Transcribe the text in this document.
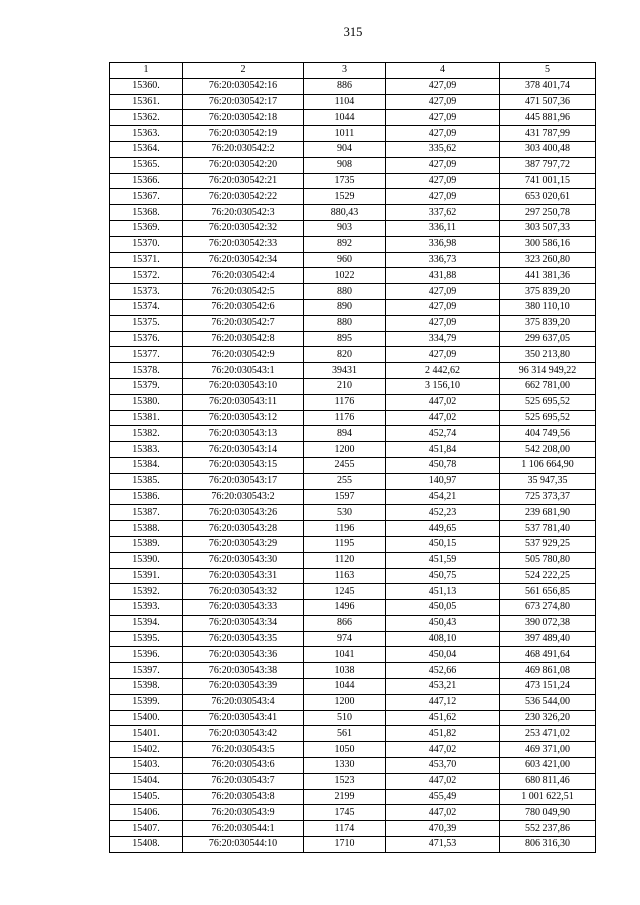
315
1	2	3	4	5
15360.	76:20:030542:16	886	427,09	378 401,74
15361.	76:20:030542:17	1104	427,09	471 507,36
15362.	76:20:030542:18	1044	427,09	445 881,96
15363.	76:20:030542:19	1011	427,09	431 787,99
15364.	76:20:030542:2	904	335,62	303 400,48
15365.	76:20:030542:20	908	427,09	387 797,72
15366.	76:20:030542:21	1735	427,09	741 001,15
15367.	76:20:030542:22	1529	427,09	653 020,61
15368.	76:20:030542:3	880,43	337,62	297 250,78
15369.	76:20:030542:32	903	336,11	303 507,33
15370.	76:20:030542:33	892	336,98	300 586,16
15371.	76:20:030542:34	960	336,73	323 260,80
15372.	76:20:030542:4	1022	431,88	441 381,36
15373.	76:20:030542:5	880	427,09	375 839,20
15374.	76:20:030542:6	890	427,09	380 110,10
15375.	76:20:030542:7	880	427,09	375 839,20
15376.	76:20:030542:8	895	334,79	299 637,05
15377.	76:20:030542:9	820	427,09	350 213,80
15378.	76:20:030543:1	39431	2 442,62	96 314 949,22
15379.	76:20:030543:10	210	3 156,10	662 781,00
15380.	76:20:030543:11	1176	447,02	525 695,52
15381.	76:20:030543:12	1176	447,02	525 695,52
15382.	76:20:030543:13	894	452,74	404 749,56
15383.	76:20:030543:14	1200	451,84	542 208,00
15384.	76:20:030543:15	2455	450,78	1 106 664,90
15385.	76:20:030543:17	255	140,97	35 947,35
15386.	76:20:030543:2	1597	454,21	725 373,37
15387.	76:20:030543:26	530	452,23	239 681,90
15388.	76:20:030543:28	1196	449,65	537 781,40
15389.	76:20:030543:29	1195	450,15	537 929,25
15390.	76:20:030543:30	1120	451,59	505 780,80
15391.	76:20:030543:31	1163	450,75	524 222,25
15392.	76:20:030543:32	1245	451,13	561 656,85
15393.	76:20:030543:33	1496	450,05	673 274,80
15394.	76:20:030543:34	866	450,43	390 072,38
15395.	76:20:030543:35	974	408,10	397 489,40
15396.	76:20:030543:36	1041	450,04	468 491,64
15397.	76:20:030543:38	1038	452,66	469 861,08
15398.	76:20:030543:39	1044	453,21	473 151,24
15399.	76:20:030543:4	1200	447,12	536 544,00
15400.	76:20:030543:41	510	451,62	230 326,20
15401.	76:20:030543:42	561	451,82	253 471,02
15402.	76:20:030543:5	1050	447,02	469 371,00
15403.	76:20:030543:6	1330	453,70	603 421,00
15404.	76:20:030543:7	1523	447,02	680 811,46
15405.	76:20:030543:8	2199	455,49	1 001 622,51
15406.	76:20:030543:9	1745	447,02	780 049,90
15407.	76:20:030544:1	1174	470,39	552 237,86
15408.	76:20:030544:10	1710	471,53	806 316,30
